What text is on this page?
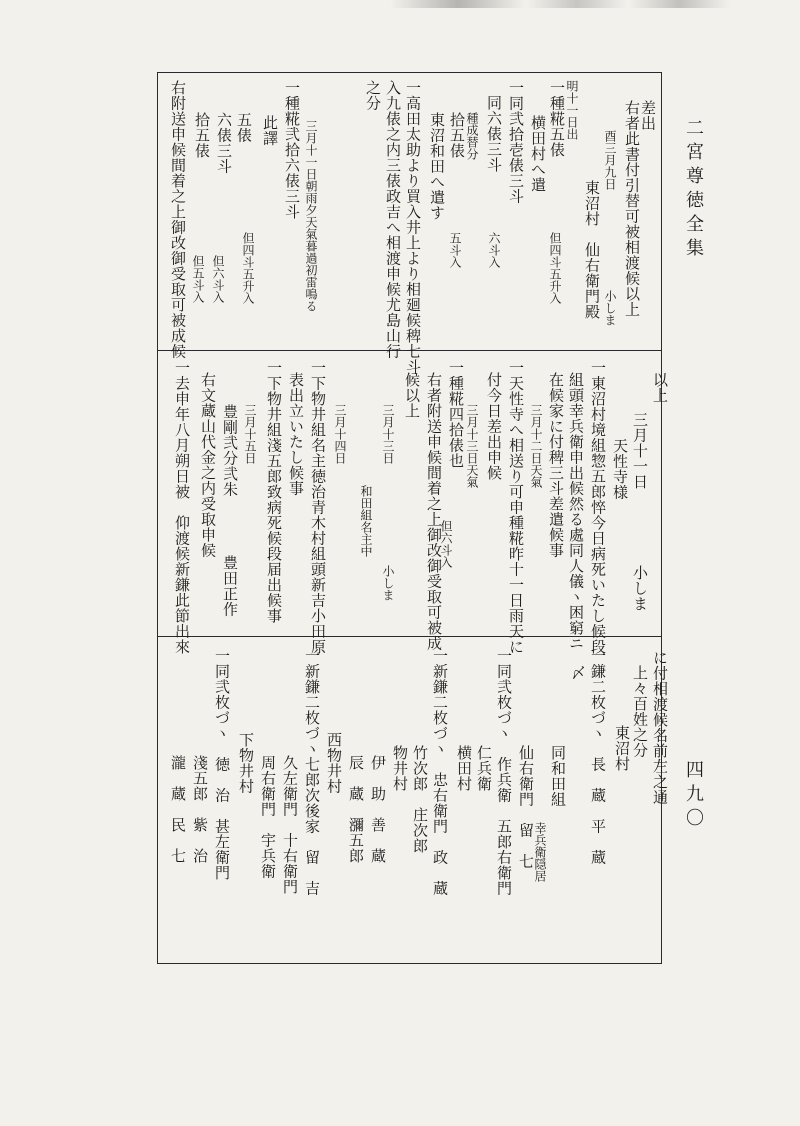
二宮尊徳全集
四九〇
差出
右者此書付引替可被相渡候以上
小しま
酉三月九日
東沼村　仙右衛門殿
明十一日出
一種糀五俵
但四斗五升入
横田村へ遣
一同弐拾壱俵三斗
六斗入
同六俵三斗
種成替分
拾五俵
五斗入
東沼和田へ遣す
一高田太助より買入井上より相廻候稗七斗
入九俵之内三俵政吉へ相渡申候尤島山行
之分
三月十一日朝雨夕天氣暮過初雷鳴る
一種糀弐拾六俵三斗
此譯
但四斗五升入
五俵
六俵三斗
但六斗入
拾五俵
但五斗入
右附送申候間着之上御改御受取可被成候
以上
三月十一日
小しま
天性寺様
一東沼村境組惣五郎悴今日病死いたし候段
組頭幸兵衛申出候然る處同人儀ヽ困窮ニ
在候家に付稗三斗差遣候事
三月十二日天氣
一天性寺へ相送り可申種糀昨十一日雨天に
付今日差出申候
三月十三日天氣
一種糀四拾俵也
但六斗入
右者附送申候間着之上御改御受取可被成
候以上
三月十三日
小しま
和田組名主中
三月十四日
一下物井組名主徳治青木村組頭新吉小田原
表出立いたし候事
一下物井組淺五郎致病死候段届出候事
三月十五日
豊田正作
豊剛弐分弐朱
右文蔵山代金之内受取申候
一去申年八月朔日被　仰渡候新鎌此節出來
に付相渡候名前左之通
上々百姓之分
東沼村
一鎌二枚づヽ　長　蔵　平　蔵
〆
同和田組
幸兵衛隠居
仙右衛門　留　七
一同弐枚づヽ　作兵衛　五郎右衛門
仁兵衛
横田村
一新鎌二枚づヽ　忠右衛門　政　蔵
竹次郎　庄次郎
物井村
伊　助　善　蔵
辰　蔵　瀰五郎
西物井村
一新鎌二枚づヽ七郎次後家　留　吉
久左衛門　十右衛門
周右衛門　宇兵衛
下物井村
一同弐枚づヽ　徳　治　甚左衛門
淺五郎　紫　治
瀧　蔵　民　七
